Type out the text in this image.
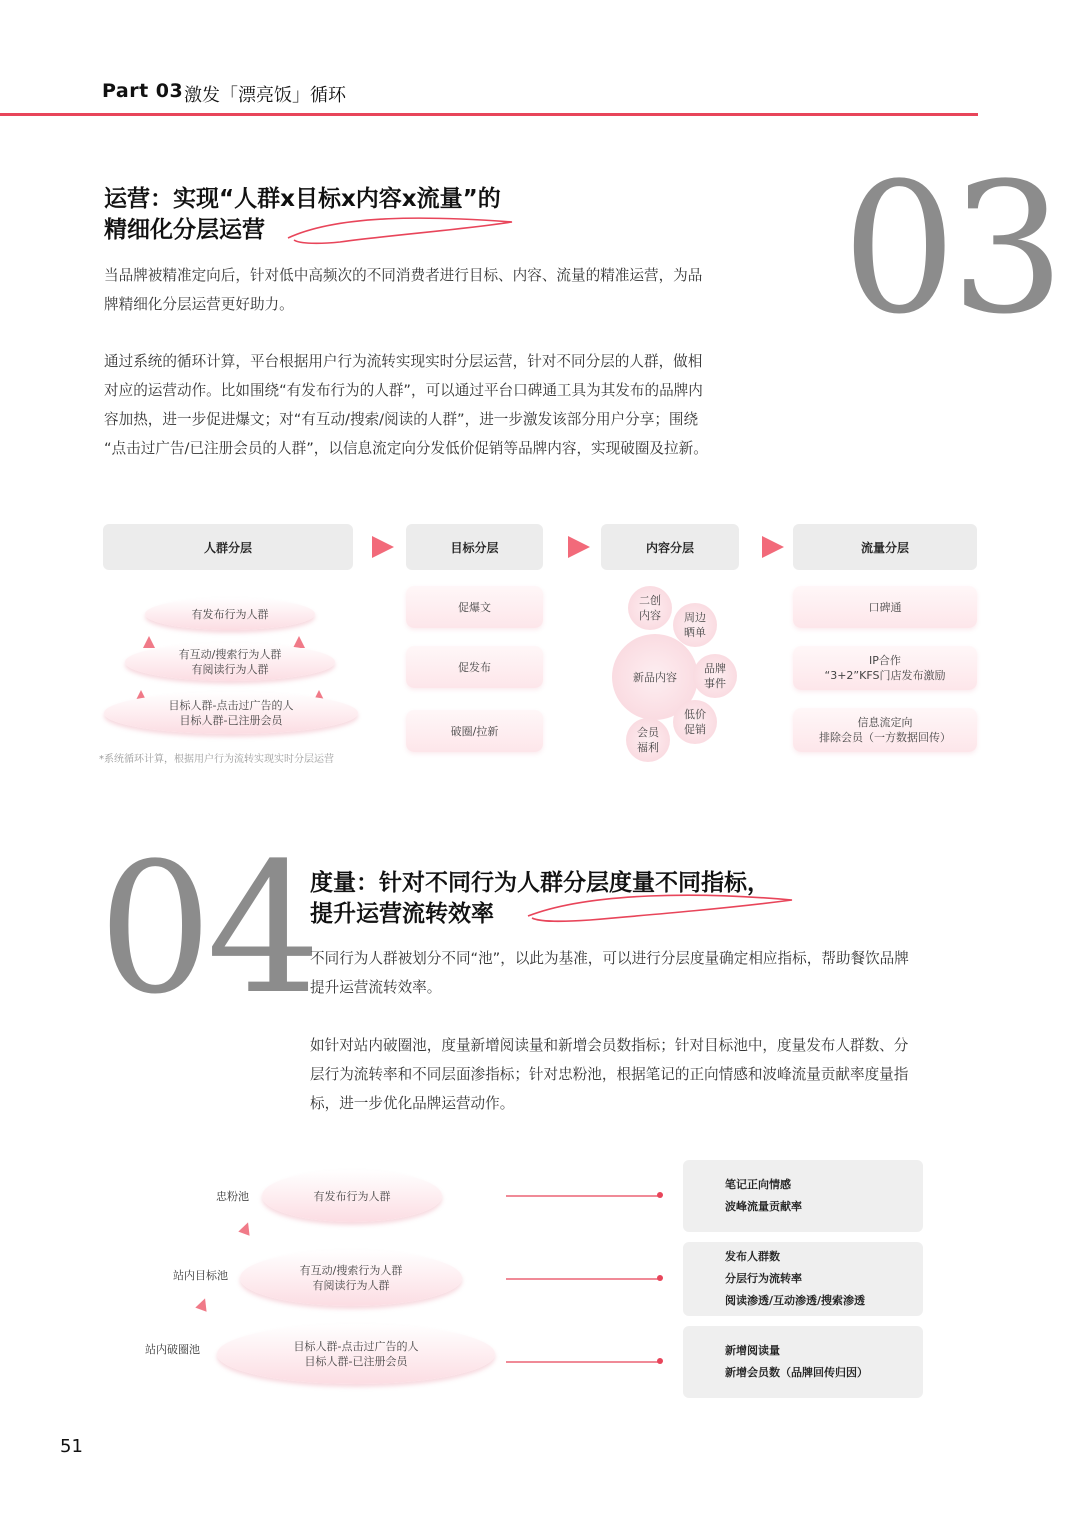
Part 03 激发「漂亮饭」循环
03
运营：实现“人群x目标x内容x流量”的
精细化分层运营
当品牌被精准定向后，针对低中高频次的不同消费者进行目标、内容、流量的精准运营，为品
牌精细化分层运营更好助力。
通过系统的循环计算，平台根据用户行为流转实现实时分层运营，针对不同分层的人群，做相
对应的运营动作。比如围绕“有发布行为的人群”，可以通过平台口碑通工具为其发布的品牌内
容加热，进一步促进爆文；对“有互动/搜索/阅读的人群”，进一步激发该部分用户分享；围绕
“点击过广告/已注册会员的人群”，以信息流定向分发低价促销等品牌内容，实现破圈及拉新。
人群分层	目标分层	内容分层	流量分层
有发布行为人群
有互动/搜索行为人群
有阅读行为人群
目标人群-点击过广告的人
目标人群-已注册会员
*系统循环计算，根据用户行为流转实现实时分层运营
促爆文
促发布
破圈/拉新
新品内容
二创
内容 周边
晒单
品牌
事件
低价
促销
会员
福利
口碑通
IP合作
“3+2”KFS门店发布激励
信息流定向
排除会员（一方数据回传）
04
度量：针对不同行为人群分层度量不同指标，
提升运营流转效率
不同行为人群被划分不同“池”，以此为基准，可以进行分层度量确定相应指标，帮助餐饮品牌
提升运营流转效率。
如针对站内破圈池，度量新增阅读量和新增会员数指标；针对目标池中，度量发布人群数、分
层行为流转率和不同层面渗指标；针对忠粉池，根据笔记的正向情感和波峰流量贡献率度量指
标，进一步优化品牌运营动作。
忠粉池
站内目标池
站内破圈池
有发布行为人群
有互动/搜索行为人群
有阅读行为人群
目标人群-点击过广告的人
目标人群-已注册会员
笔记正向情感
波峰流量贡献率
发布人群数
分层行为流转率
阅读渗透/互动渗透/搜索渗透
新增阅读量
新增会员数（品牌回传归因）
51
